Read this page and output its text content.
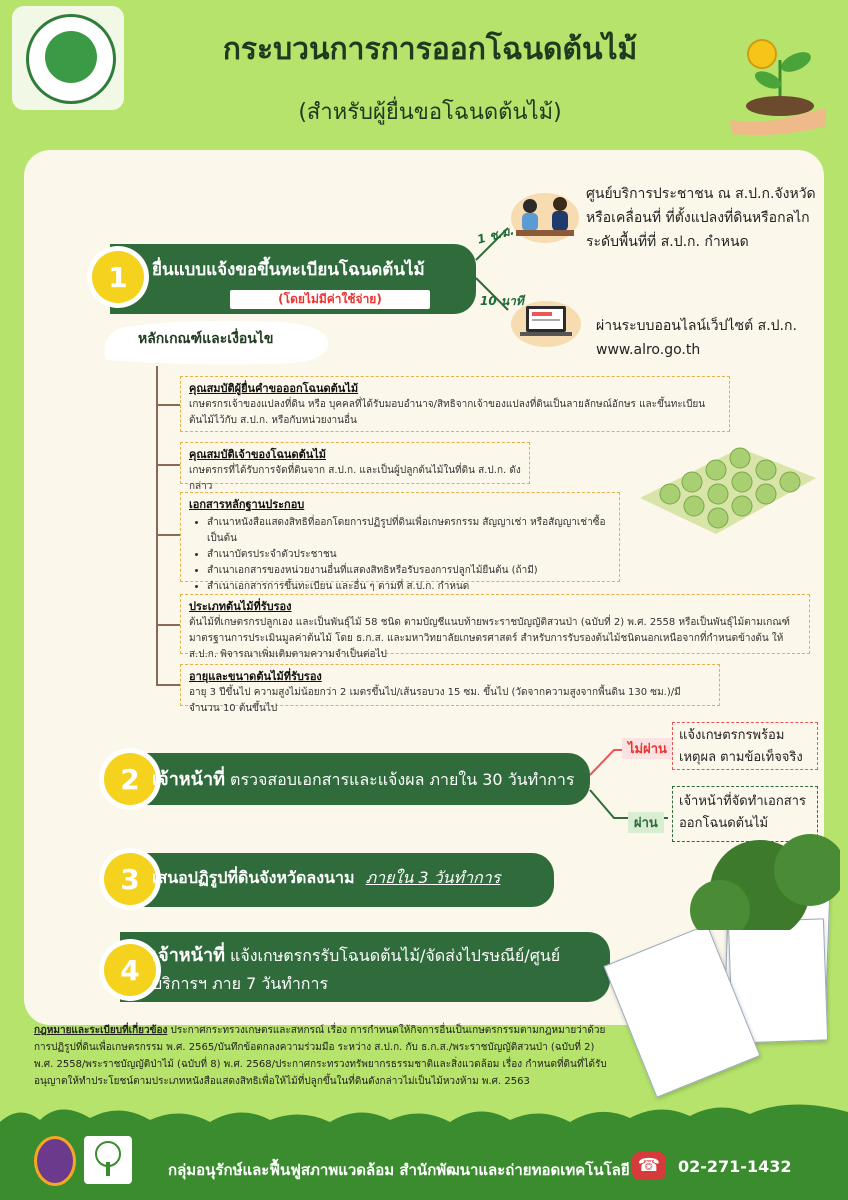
กระบวนการการออกโฉนดต้นไม้
(สำหรับผู้ยื่นขอโฉนดต้นไม้)
1	ยื่นแบบแจ้งขอขึ้นทะเบียนโฉนดต้นไม้
(โดยไม่มีค่าใช้จ่าย)
1 ช.ม.
10 นาที
ศูนย์บริการประชาชน ณ ส.ป.ก.จังหวัด หรือเคลื่อนที่ ที่ตั้งแปลงที่ดินหรือกลไก ระดับพื้นที่ที่ ส.ป.ก. กำหนด
ผ่านระบบออนไลน์เว็ปไซต์ ส.ป.ก.
www.alro.go.th
หลักเกณฑ์และเงื่อนไข
คุณสมบัติผู้ยื่นคำขอออกโฉนดต้นไม้
เกษตรกรเจ้าของแปลงที่ดิน หรือ บุคคลที่ได้รับมอบอำนาจ/สิทธิจากเจ้าของแปลงที่ดินเป็นลายลักษณ์อักษร และขึ้นทะเบียนต้นไม้ไว้กับ ส.ป.ก. หรือกับหน่วยงานอื่น
คุณสมบัติเจ้าของโฉนดต้นไม้
เกษตรกรที่ได้รับการจัดที่ดินจาก ส.ป.ก. และเป็นผู้ปลูกต้นไม้ในที่ดิน ส.ป.ก. ดังกล่าว
เอกสารหลักฐานประกอบ
• สำเนาหนังสือแสดงสิทธิที่ออกโดยการปฏิรูปที่ดินเพื่อเกษตรกรรม สัญญาเช่า หรือสัญญาเช่าซื้อ เป็นต้น
• สำเนาบัตรประจำตัวประชาชน
• สำเนาเอกสารของหน่วยงานอื่นที่แสดงสิทธิหรือรับรองการปลูกไม้ยืนต้น (ถ้ามี)
• สำเนาเอกสารการขึ้นทะเบียน และอื่น ๆ ตามที่ ส.ป.ก. กำหนด
ประเภทต้นไม้ที่รับรอง
ต้นไม้ที่เกษตรกรปลูกเอง และเป็นพันธุ์ไม้ 58 ชนิด ตามบัญชีแนบท้ายพระราชบัญญัติสวนป่า (ฉบับที่ 2) พ.ศ. 2558 หรือเป็นพันธุ์ไม้ตามเกณฑ์มาตรฐานการประเมินมูลค่าต้นไม้ โดย ธ.ก.ส. และมหาวิทยาลัยเกษตรศาสตร์ สำหรับการรับรองต้นไม้ชนิดนอกเหนือจากที่กำหนดข้างต้น ให้ ส.ป.ก. พิจารณาเพิ่มเติมตามความจำเป็นต่อไป
อายุและขนาดต้นไม้ที่รับรอง
อายุ 3 ปีขึ้นไป ความสูงไม่น้อยกว่า 2 เมตรขึ้นไป/เส้นรอบวง 15 ซม. ขึ้นไป (วัดจากความสูงจากพื้นดิน 130 ซม.)/มีจำนวน 10 ต้นขึ้นไป
2 เจ้าหน้าที่ ตรวจสอบเอกสารและแจ้งผล ภายใน 30 วันทำการ
ไม่ผ่าน
แจ้งเกษตรกรพร้อมเหตุผล ตามข้อเท็จจริง
ผ่าน
เจ้าหน้าที่จัดทำเอกสาร ออกโฉนดต้นไม้
3 เสนอปฏิรูปที่ดินจังหวัดลงนาม ภายใน 3 วันทำการ
4 เจ้าหน้าที่ แจ้งเกษตรกรรับโฉนดต้นไม้/จัดส่งไปรษณีย์/ศูนย์บริการฯ ภาย 7 วันทำการ
กฎหมายและระเบียบที่เกี่ยวข้อง ประกาศกระทรวงเกษตรและสหกรณ์ เรื่อง การกำหนดให้กิจการอื่นเป็นเกษตรกรรมตามกฎหมายว่าด้วยการปฏิรูปที่ดินเพื่อเกษตรกรรม พ.ศ. 2565/บันทึกข้อตกลงความร่วมมือ ระหว่าง ส.ป.ก. กับ ธ.ก.ส./พระราชบัญญัติสวนป่า (ฉบับที่ 2) พ.ศ. 2558/พระราชบัญญัติป่าไม้ (ฉบับที่ 8) พ.ศ. 2568/ประกาศกระทรวงทรัพยากรธรรมชาติและสิ่งแวดล้อม เรื่อง กำหนดที่ดินที่ได้รับอนุญาตให้ทำประโยชน์ตามประเภทหนังสือแสดงสิทธิเพื่อให้ไม้ที่ปลูกขึ้นในที่ดินดังกล่าวไม่เป็นไม้หวงห้าม พ.ศ. 2563
กลุ่มอนุรักษ์และฟื้นฟูสภาพแวดล้อม สำนักพัฒนาและถ่ายทอดเทคโนโลยี ☎	02-271-1432
